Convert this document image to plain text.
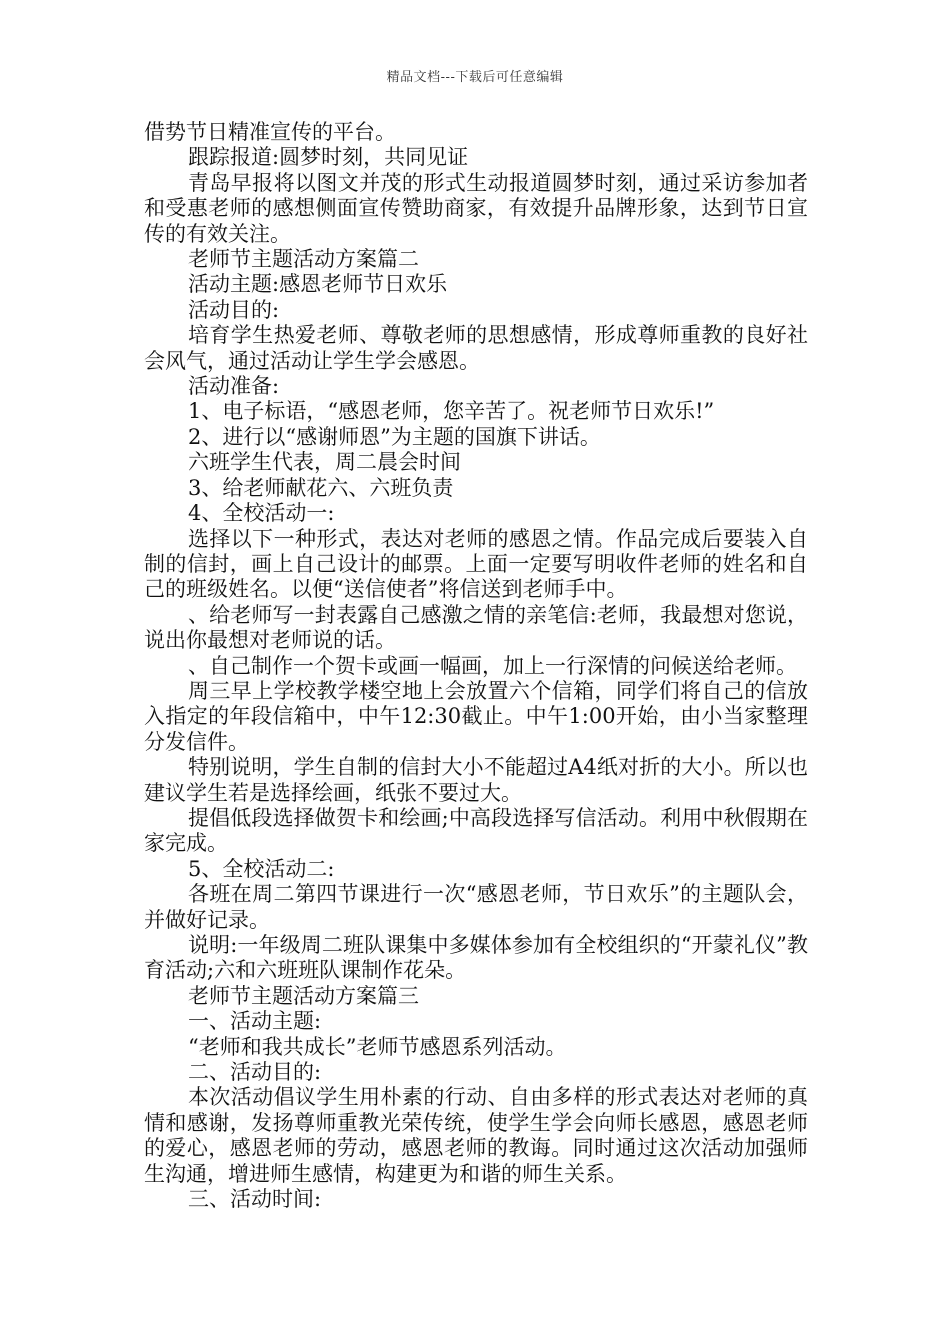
精品文档---下载后可任意编辑

借势节日精准宣传的平台。

跟踪报道:圆梦时刻，共同见证

青岛早报将以图文并茂的形式生动报道圆梦时刻，通过采访参加者和受惠老师的感想侧面宣传赞助商家，有效提升品牌形象，达到节日宣传的有效关注。

老师节主题活动方案篇二

活动主题:感恩老师节日欢乐

活动目的:

培育学生热爱老师、尊敬老师的思想感情，形成尊师重教的良好社会风气，通过活动让学生学会感恩。

活动准备:

1、电子标语，“感恩老师，您辛苦了。祝老师节日欢乐!”

2、进行以“感谢师恩”为主题的国旗下讲话。

六班学生代表，周二晨会时间

3、给老师献花六、六班负责

4、全校活动一:

选择以下一种形式，表达对老师的感恩之情。作品完成后要装入自制的信封，画上自己设计的邮票。上面一定要写明收件老师的姓名和自己的班级姓名。以便“送信使者”将信送到老师手中。

、给老师写一封表露自己感激之情的亲笔信:老师，我最想对您说，说出你最想对老师说的话。

、自己制作一个贺卡或画一幅画，加上一行深情的问候送给老师。

周三早上学校教学楼空地上会放置六个信箱，同学们将自己的信放入指定的年段信箱中，中午12:30截止。中午1:00开始，由小当家整理分发信件。

特别说明，学生自制的信封大小不能超过A4纸对折的大小。所以也建议学生若是选择绘画，纸张不要过大。

提倡低段选择做贺卡和绘画;中高段选择写信活动。利用中秋假期在家完成。

5、全校活动二:

各班在周二第四节课进行一次“感恩老师，节日欢乐”的主题队会，并做好记录。

说明:一年级周二班队课集中多媒体参加有全校组织的“开蒙礼仪”教育活动;六和六班班队课制作花朵。

老师节主题活动方案篇三

一、活动主题:

“老师和我共成长”老师节感恩系列活动。

二、活动目的:

本次活动倡议学生用朴素的行动、自由多样的形式表达对老师的真情和感谢，发扬尊师重教光荣传统，使学生学会向师长感恩，感恩老师的爱心，感恩老师的劳动，感恩老师的教诲。同时通过这次活动加强师生沟通，增进师生感情，构建更为和谐的师生关系。

三、活动时间:
